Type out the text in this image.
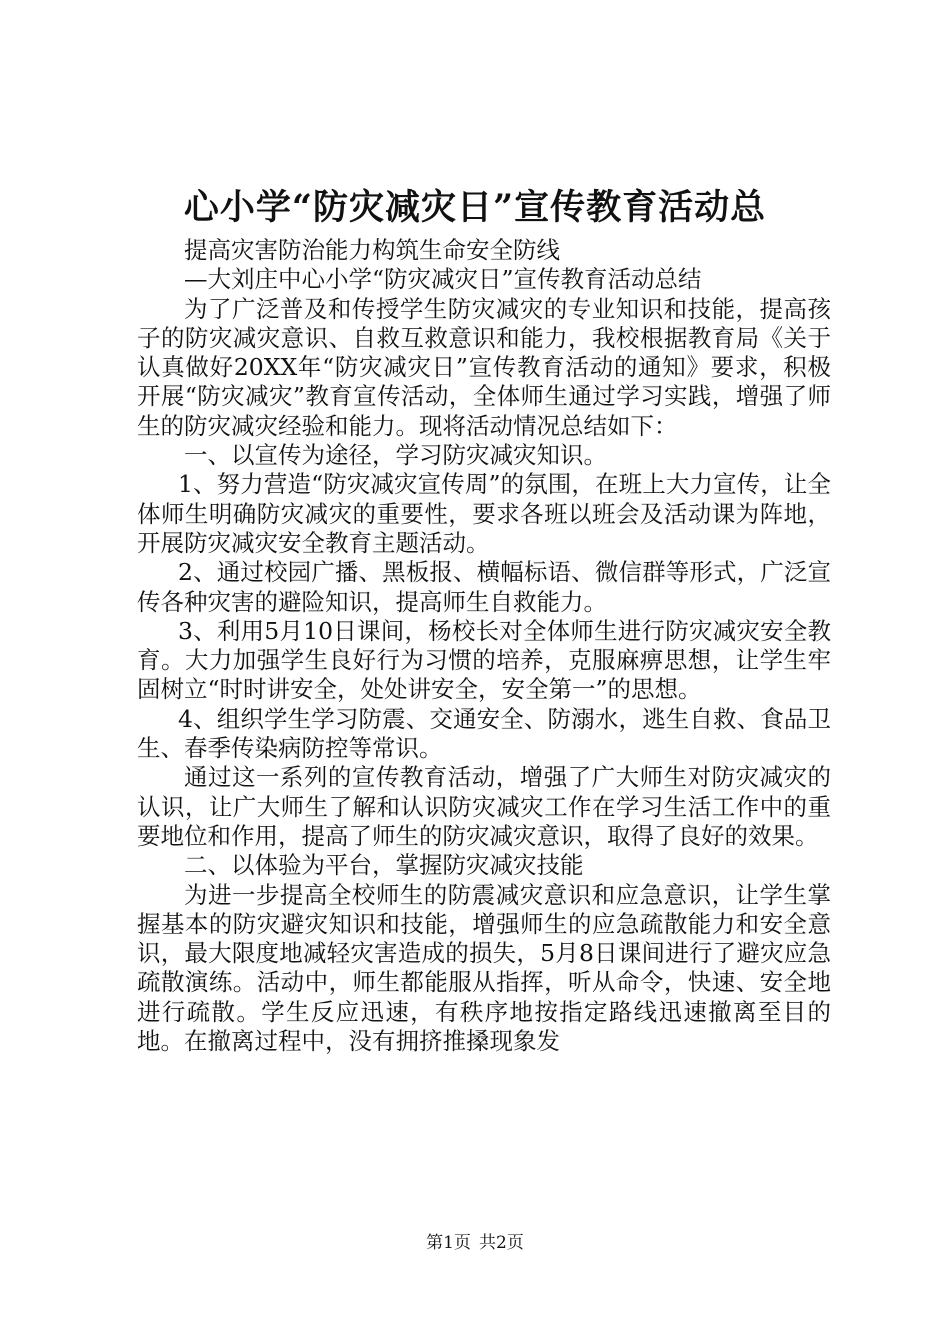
心小学“防灾减灾日”宣传教育活动总

提高灾害防治能力构筑生命安全防线

—大刘庄中心小学“防灾减灾日”宣传教育活动总结

为了广泛普及和传授学生防灾减灾的专业知识和技能，提高孩子的防灾减灾意识、自救互救意识和能力，我校根据教育局《关于认真做好20XX年“防灾减灾日”宣传教育活动的通知》要求，积极开展“防灾减灾”教育宣传活动，全体师生通过学习实践，增强了师生的防灾减灾经验和能力。现将活动情况总结如下：

一、以宣传为途径，学习防灾减灾知识。

1、努力营造“防灾减灾宣传周”的氛围，在班上大力宣传，让全体师生明确防灾减灾的重要性，要求各班以班会及活动课为阵地，开展防灾减灾安全教育主题活动。

2、通过校园广播、黑板报、横幅标语、微信群等形式，广泛宣传各种灾害的避险知识，提高师生自救能力。

3、利用5月10日课间，杨校长对全体师生进行防灾减灾安全教育。大力加强学生良好行为习惯的培养，克服麻痹思想，让学生牢固树立“时时讲安全，处处讲安全，安全第一”的思想。

4、组织学生学习防震、交通安全、防溺水，逃生自救、食品卫生、春季传染病防控等常识。

通过这一系列的宣传教育活动，增强了广大师生对防灾减灾的认识，让广大师生了解和认识防灾减灾工作在学习生活工作中的重要地位和作用，提高了师生的防灾减灾意识，取得了良好的效果。

二、以体验为平台，掌握防灾减灾技能

为进一步提高全校师生的防震减灾意识和应急意识，让学生掌握基本的防灾避灾知识和技能，增强师生的应急疏散能力和安全意识，最大限度地减轻灾害造成的损失，5月8日课间进行了避灾应急疏散演练。活动中，师生都能服从指挥，听从命令，快速、安全地进行疏散。学生反应迅速，有秩序地按指定路线迅速撤离至目的地。在撤离过程中，没有拥挤推搡现象发

第1页 共2页
